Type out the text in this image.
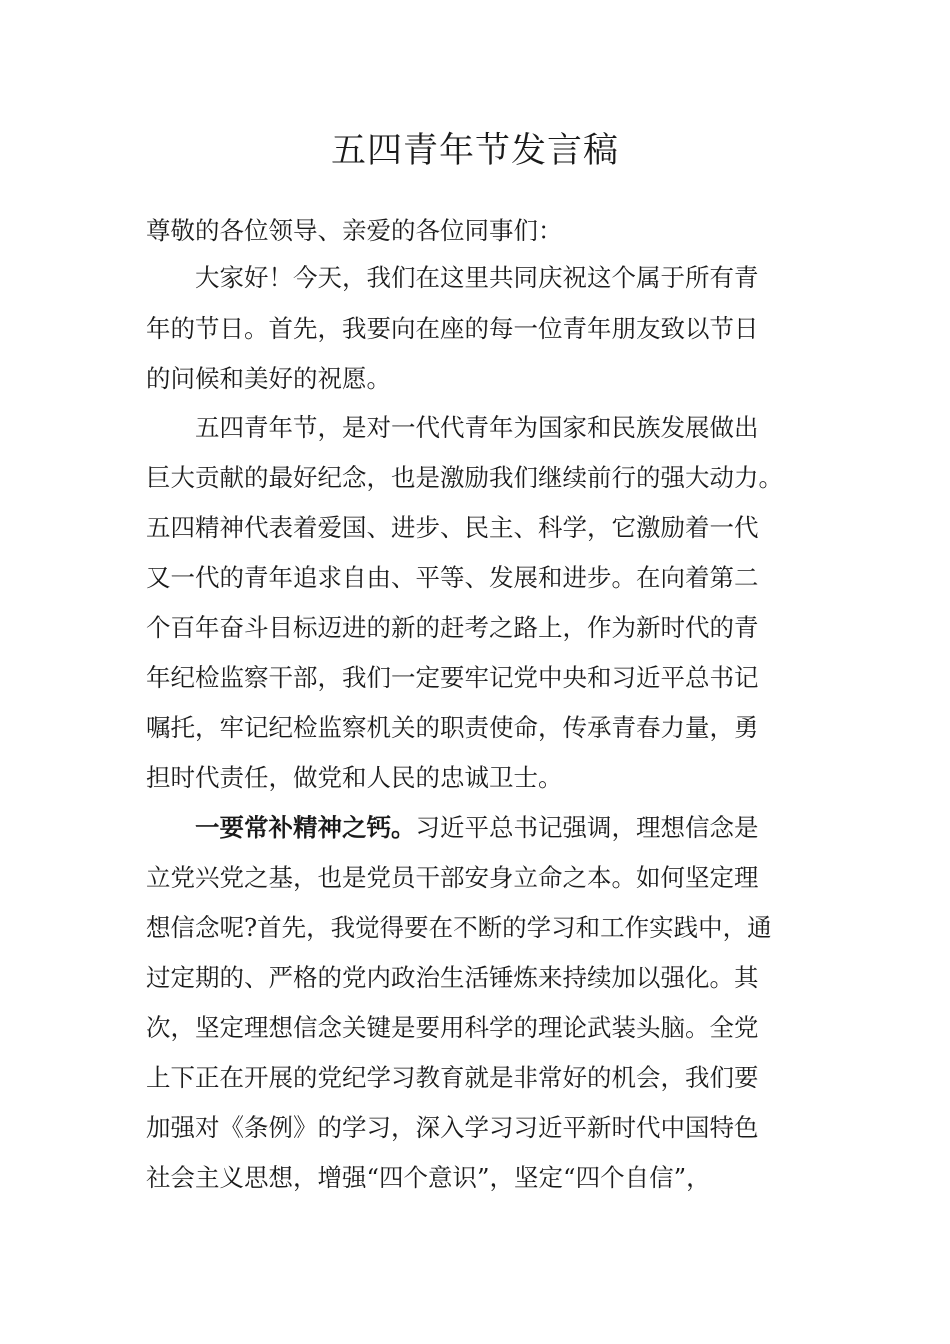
五四青年节发言稿

尊敬的各位领导、亲爱的各位同事们：

大家好！今天，我们在这里共同庆祝这个属于所有青

年的节日。首先，我要向在座的每一位青年朋友致以节日

的问候和美好的祝愿。

五四青年节，是对一代代青年为国家和民族发展做出

巨大贡献的最好纪念，也是激励我们继续前行的强大动力。

五四精神代表着爱国、进步、民主、科学，它激励着一代

又一代的青年追求自由、平等、发展和进步。在向着第二

个百年奋斗目标迈进的新的赶考之路上，作为新时代的青

年纪检监察干部，我们一定要牢记党中央和习近平总书记

嘱托，牢记纪检监察机关的职责使命，传承青春力量，勇

担时代责任，做党和人民的忠诚卫士。

一要常补精神之钙。习近平总书记强调，理想信念是

立党兴党之基，也是党员干部安身立命之本。如何坚定理

想信念呢?首先，我觉得要在不断的学习和工作实践中，通

过定期的、严格的党内政治生活锤炼来持续加以强化。其

次，坚定理想信念关键是要用科学的理论武装头脑。全党

上下正在开展的党纪学习教育就是非常好的机会，我们要

加强对《条例》的学习，深入学习习近平新时代中国特色

社会主义思想，增强“四个意识”，坚定“四个自信”，
